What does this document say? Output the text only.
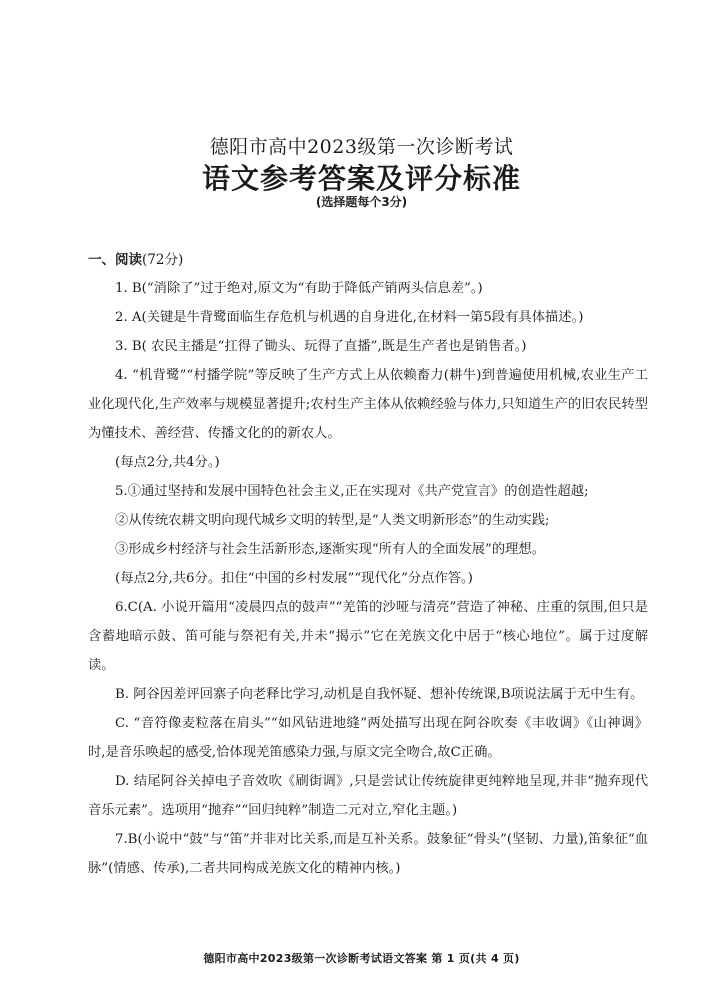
德阳市高中2023级第一次诊断考试
语文参考答案及评分标准
(选择题每个3分)
一、阅读(72分)

1. B(“消除了”过于绝对,原文为“有助于降低产销两头信息差”。)

2. A(关键是牛背鹭面临生存危机与机遇的自身进化,在材料一第5段有具体描述。)

3. B( 农民主播是“扛得了锄头、玩得了直播”,既是生产者也是销售者。)

4. “机背鹭”“村播学院”等反映了生产方式上从依赖畜力(耕牛)到普遍使用机械,农业生产工业化现代化,生产效率与规模显著提升;农村生产主体从依赖经验与体力,只知道生产的旧农民转型为懂技术、善经营、传播文化的的新农人。

(每点2分,共4分。)

5.①通过坚持和发展中国特色社会主义,正在实现对《共产党宣言》的创造性超越;

②从传统农耕文明向现代城乡文明的转型,是“人类文明新形态”的生动实践;

③形成乡村经济与社会生活新形态,逐渐实现“所有人的全面发展”的理想。

(每点2分,共6分。扣住“中国的乡村发展”“现代化”分点作答。)

6.C(A. 小说开篇用“凌晨四点的鼓声”“羌笛的沙哑与清亮”营造了神秘、庄重的氛围,但只是含蓄地暗示鼓、笛可能与祭祀有关,并未“揭示”它在羌族文化中居于“核心地位”。属于过度解读。

B. 阿谷因差评回寨子向老释比学习,动机是自我怀疑、想补传统课,B项说法属于无中生有。

C. “音符像麦粒落在肩头”“如风钻进地缝”两处描写出现在阿谷吹奏《丰收调》《山神调》时,是音乐唤起的感受,恰体现羌笛感染力强,与原文完全吻合,故C正确。

D. 结尾阿谷关掉电子音效吹《刷街调》,只是尝试让传统旋律更纯粹地呈现,并非“抛弃现代音乐元素”。选项用“抛弃”“回归纯粹”制造二元对立,窄化主题。)

7.B(小说中“鼓”与“笛”并非对比关系,而是互补关系。鼓象征“骨头”(坚韧、力量),笛象征“血脉”(情感、传承),二者共同构成羌族文化的精神内核。)

德阳市高中2023级第一次诊断考试语文答案 第 1 页(共 4 页)
